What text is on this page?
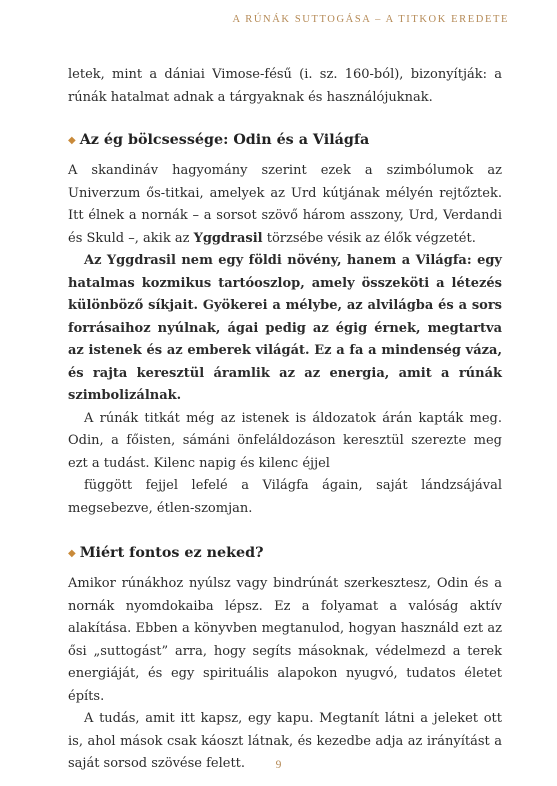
A RÚNÁK SUTTOGÁSA – A TITKOK EREDETE

letek, mint a dániai Vimose-fésű (i. sz. 160-ból), bizonyítják: a rúnák hatalmat adnak a tárgyaknak és használójuknak.

◆ Az ég bölcsessége: Odin és a Világfa

A skandináv hagyomány szerint ezek a szimbólumok az Univerzum ős-titkai, amelyek az Urd kútjának mélyén rejtőztek. Itt élnek a nornák – a sorsot szövő három asszony, Urd, Verdandi és Skuld –, akik az Yggdrasil törzsébe vésik az élők végzetét.

Az Yggdrasil nem egy földi növény, hanem a Világfa: egy hatalmas kozmikus tartóoszlop, amely összeköti a létezés különböző síkjait. Gyökerei a mélybe, az alvilágba és a sors forrásaihoz nyúlnak, ágai pedig az égig érnek, megtartva az istenek és az emberek világát. Ez a fa a mindenség váza, és rajta keresztül áramlik az az energia, amit a rúnák szimbolizálnak.

A rúnák titkát még az istenek is áldozatok árán kapták meg. Odin, a főisten, sámáni önfeláldozáson keresztül szerezte meg ezt a tudást. Kilenc napig és kilenc éjjel

függött fejjel lefelé a Világfa ágain, saját lándzsájával megsebezve, étlen-szomjan.

◆ Miért fontos ez neked?

Amikor rúnákhoz nyúlsz vagy bindrúnát szerkesztesz, Odin és a nornák nyomdokaiba lépsz. Ez a folyamat a valóság aktív alakítása. Ebben a könyvben megtanulod, hogyan használd ezt az ősi „suttogást” arra, hogy segíts másoknak, védelmezd a terek energiáját, és egy spirituális alapokon nyugvó, tudatos életet építs.

A tudás, amit itt kapsz, egy kapu. Megtanít látni a jeleket ott is, ahol mások csak káoszt látnak, és kezedbe adja az irányítást a saját sorsod szövése felett.	9
